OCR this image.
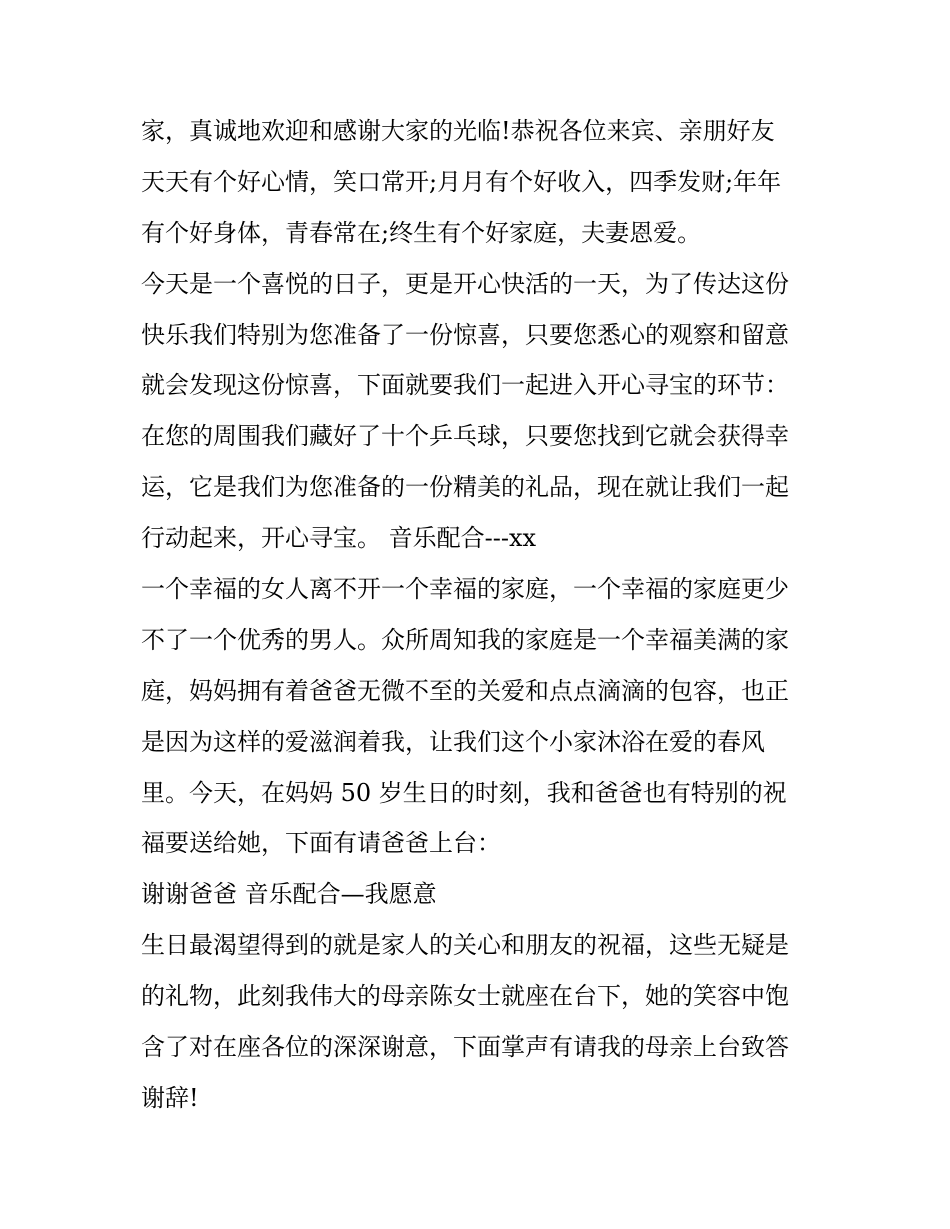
家，真诚地欢迎和感谢大家的光临!恭祝各位来宾、亲朋好友
天天有个好心情，笑口常开;月月有个好收入，四季发财;年年
有个好身体，青春常在;终生有个好家庭，夫妻恩爱。
今天是一个喜悦的日子，更是开心快活的一天，为了传达这份
快乐我们特别为您准备了一份惊喜，只要您悉心的观察和留意
就会发现这份惊喜，下面就要我们一起进入开心寻宝的环节：
在您的周围我们藏好了十个乒乓球，只要您找到它就会获得幸
运，它是我们为您准备的一份精美的礼品，现在就让我们一起
行动起来，开心寻宝。 音乐配合---xx
一个幸福的女人离不开一个幸福的家庭，一个幸福的家庭更少
不了一个优秀的男人。众所周知我的家庭是一个幸福美满的家
庭，妈妈拥有着爸爸无微不至的关爱和点点滴滴的包容，也正
是因为这样的爱滋润着我，让我们这个小家沐浴在爱的春风
里。今天，在妈妈 50 岁生日的时刻，我和爸爸也有特别的祝
福要送给她，下面有请爸爸上台：
谢谢爸爸 音乐配合—我愿意
生日最渴望得到的就是家人的关心和朋友的祝福，这些无疑是
的礼物，此刻我伟大的母亲陈女士就座在台下，她的笑容中饱
含了对在座各位的深深谢意，下面掌声有请我的母亲上台致答
谢辞!
